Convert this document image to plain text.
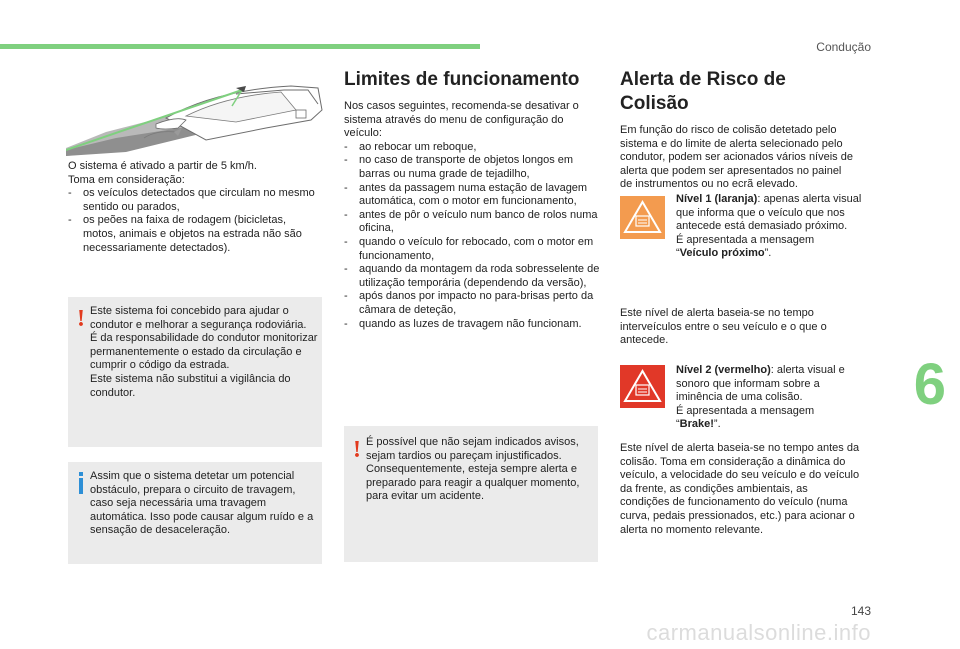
Condução

O sistema é ativado a partir de 5 km/h.

Toma em consideração:

- os veículos detectados que circulam no mesmo sentido ou parados,
- os peões na faixa de rodagem (bicicletas, motos, animais e objetos na estrada não são necessariamente detectados).
! Este sistema foi concebido para ajudar o condutor e melhorar a segurança rodoviária.

É da responsabilidade do condutor monitorizar permanentemente o estado da circulação e cumprir o código da estrada.

Este sistema não substitui a vigilância do condutor.

Assim que o sistema detetar um potencial obstáculo, prepara o circuito de travagem, caso seja necessária uma travagem automática. Isso pode causar algum ruído e a sensação de desaceleração.

Limites de funcionamento

Nos casos seguintes, recomenda-se desativar o sistema através do menu de configuração do veículo:

- ao rebocar um reboque,
- no caso de transporte de objetos longos em barras ou numa grade de tejadilho,
- antes da passagem numa estação de lavagem automática, com o motor em funcionamento,
- antes de pôr o veículo num banco de rolos numa oficina,
- quando o veículo for rebocado, com o motor em funcionamento,
- aquando da montagem da roda sobresselente de utilização temporária (dependendo da versão),
- após danos por impacto no para-brisas perto da câmara de deteção,
- quando as luzes de travagem não funcionam.
! É possível que não sejam indicados avisos, sejam tardios ou pareçam injustificados.

Consequentemente, esteja sempre alerta e preparado para reagir a qualquer momento, para evitar um acidente.

Alerta de Risco de Colisão

Em função do risco de colisão detetado pelo sistema e do limite de alerta selecionado pelo condutor, podem ser acionados vários níveis de alerta que podem ser apresentados no painel de instrumentos ou no ecrã elevado.

Nível 1 (laranja): apenas alerta visual que informa que o veículo que nos antecede está demasiado próximo.

É apresentada a mensagem

“Veículo próximo”.

Este nível de alerta baseia-se no tempo interveículos entre o seu veículo e o que o antecede.

Nível 2 (vermelho): alerta visual e sonoro que informam sobre a iminência de uma colisão.

É apresentada a mensagem

“Brake!”.

Este nível de alerta baseia-se no tempo antes da colisão. Toma em consideração a dinâmica do veículo, a velocidade do seu veículo e do veículo da frente, as condições ambientais, as condições de funcionamento do veículo (numa curva, pedais pressionados, etc.) para acionar o alerta no momento relevante.

6
143
carmanualsonline.info
